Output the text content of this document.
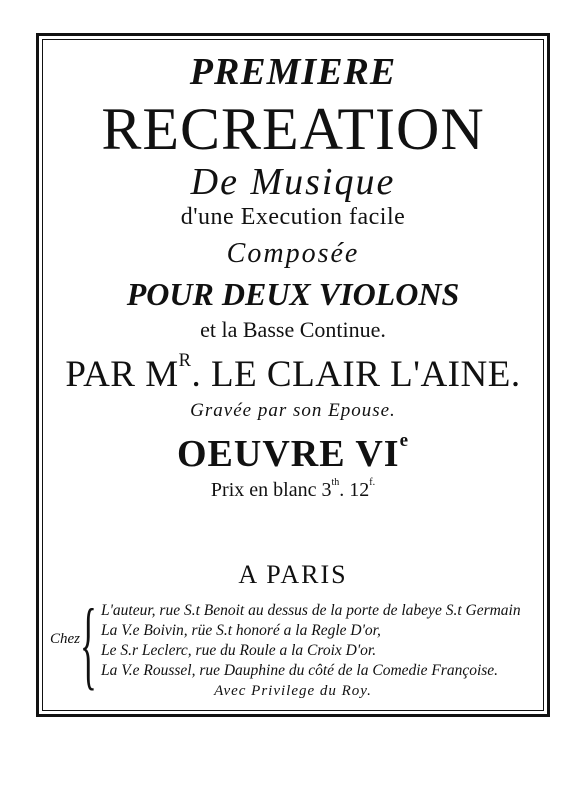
PREMIERE
RECREATION
De Musique
d'une Execution facile
Composée
POUR DEUX VIOLONS
et la Basse Continue.
PAR $M^R$. LE CLAIR L'AINE.
Gravée par son Epouse.
OEUVRE VIe
Prix en blanc 3th. $12^{f.}$
A PARIS
Chez { L'auteur, rue S.t Benoit au dessus de la porte de labeye S.t Germain
La V.e Boivin, rüe S.t honoré a la Regle D'or,
Le S.r Leclerc, rue du Roule a la Croix D'or.
La V.e Roussel, rue Dauphine du côté de la Comedie Françoise.
Avec Privilege du Roy.
